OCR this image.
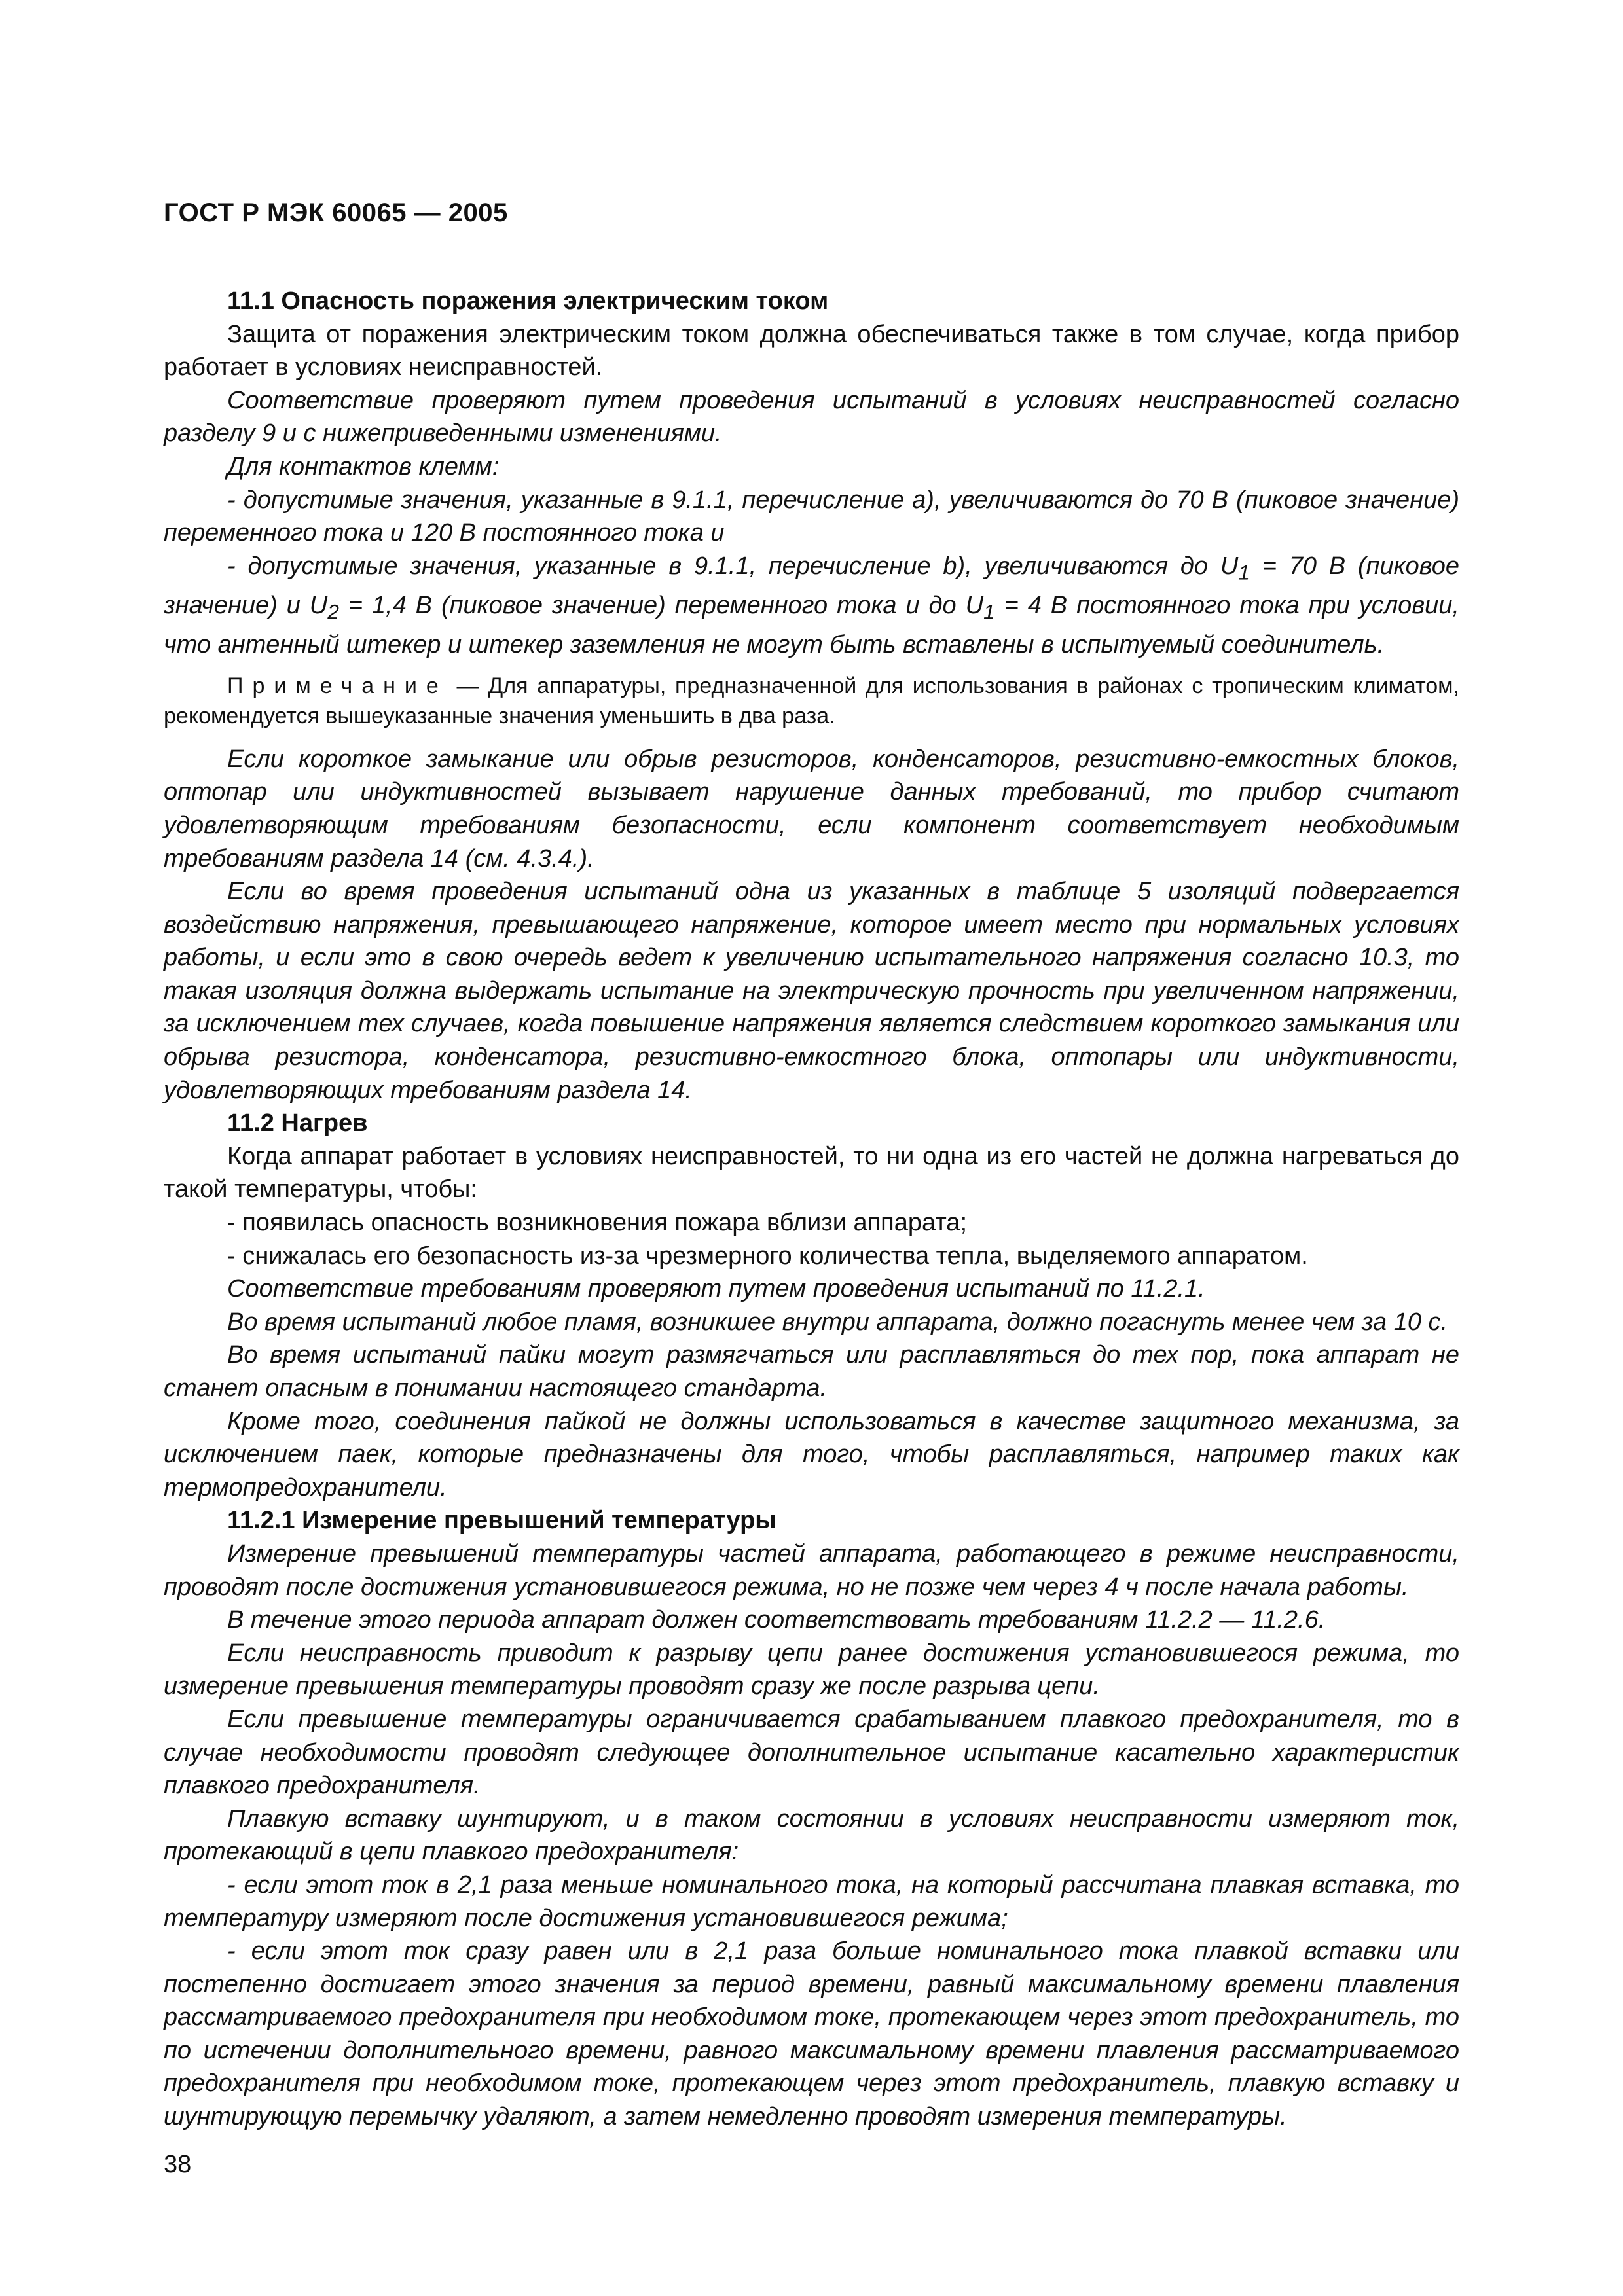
ГОСТ Р МЭК 60065 — 2005

11.1 Опасность поражения электрическим током

Защита от поражения электрическим током должна обеспечиваться также в том случае, когда прибор работает в условиях неисправностей.

Соответствие проверяют путем проведения испытаний в условиях неисправностей согласно разделу 9 и с нижеприведенными изменениями.

Для контактов клемм:

- допустимые значения, указанные в 9.1.1, перечисление а), увеличиваются до 70 В (пиковое значение) переменного тока и 120 В постоянного тока и

- допустимые значения, указанные в 9.1.1, перечисление b), увеличиваются до $U_1 = 70$ В (пиковое значение) и $U_2 = 1,4$ В (пиковое значение) переменного тока и до $U_1 = 4$ В постоянного тока при условии, что антенный штекер и штекер заземления не могут быть вставлены в испытуемый соединитель.

Примечание — Для аппаратуры, предназначенной для использования в районах с тропическим климатом, рекомендуется вышеуказанные значения уменьшить в два раза.

Если короткое замыкание или обрыв резисторов, конденсаторов, резистивно-емкостных блоков, оптопар или индуктивностей вызывает нарушение данных требований, то прибор считают удовлетворяющим требованиям безопасности, если компонент соответствует необходимым требованиям раздела 14 (см. 4.3.4.).

Если во время проведения испытаний одна из указанных в таблице 5 изоляций подвергается воздействию напряжения, превышающего напряжение, которое имеет место при нормальных условиях работы, и если это в свою очередь ведет к увеличению испытательного напряжения согласно 10.3, то такая изоляция должна выдержать испытание на электрическую прочность при увеличенном напряжении, за исключением тех случаев, когда повышение напряжения является следствием короткого замыкания или обрыва резистора, конденсатора, резистивно-емкостного блока, оптопары или индуктивности, удовлетворяющих требованиям раздела 14.

11.2 Нагрев

Когда аппарат работает в условиях неисправностей, то ни одна из его частей не должна нагреваться до такой температуры, чтобы:

- появилась опасность возникновения пожара вблизи аппарата;

- снижалась его безопасность из-за чрезмерного количества тепла, выделяемого аппаратом.

Соответствие требованиям проверяют путем проведения испытаний по 11.2.1.

Во время испытаний любое пламя, возникшее внутри аппарата, должно погаснуть менее чем за 10 с.

Во время испытаний пайки могут размягчаться или расплавляться до тех пор, пока аппарат не станет опасным в понимании настоящего стандарта.

Кроме того, соединения пайкой не должны использоваться в качестве защитного механизма, за исключением паек, которые предназначены для того, чтобы расплавляться, например таких как термопредохранители.

11.2.1 Измерение превышений температуры

Измерение превышений температуры частей аппарата, работающего в режиме неисправности, проводят после достижения установившегося режима, но не позже чем через 4 ч после начала работы.

В течение этого периода аппарат должен соответствовать требованиям 11.2.2 — 11.2.6.

Если неисправность приводит к разрыву цепи ранее достижения установившегося режима, то измерение превышения температуры проводят сразу же после разрыва цепи.

Если превышение температуры ограничивается срабатыванием плавкого предохранителя, то в случае необходимости проводят следующее дополнительное испытание касательно характеристик плавкого предохранителя.

Плавкую вставку шунтируют, и в таком состоянии в условиях неисправности измеряют ток, протекающий в цепи плавкого предохранителя:

- если этот ток в 2,1 раза меньше номинального тока, на который рассчитана плавкая вставка, то температуру измеряют после достижения установившегося режима;

- если этот ток сразу равен или в 2,1 раза больше номинального тока плавкой вставки или постепенно достигает этого значения за период времени, равный максимальному времени плавления рассматриваемого предохранителя при необходимом токе, протекающем через этот предохранитель, то по истечении дополнительного времени, равного максимальному времени плавления рассматриваемого предохранителя при необходимом токе, протекающем через этот предохранитель, плавкую вставку и шунтирующую перемычку удаляют, а затем немедленно проводят измерения температуры.

38
